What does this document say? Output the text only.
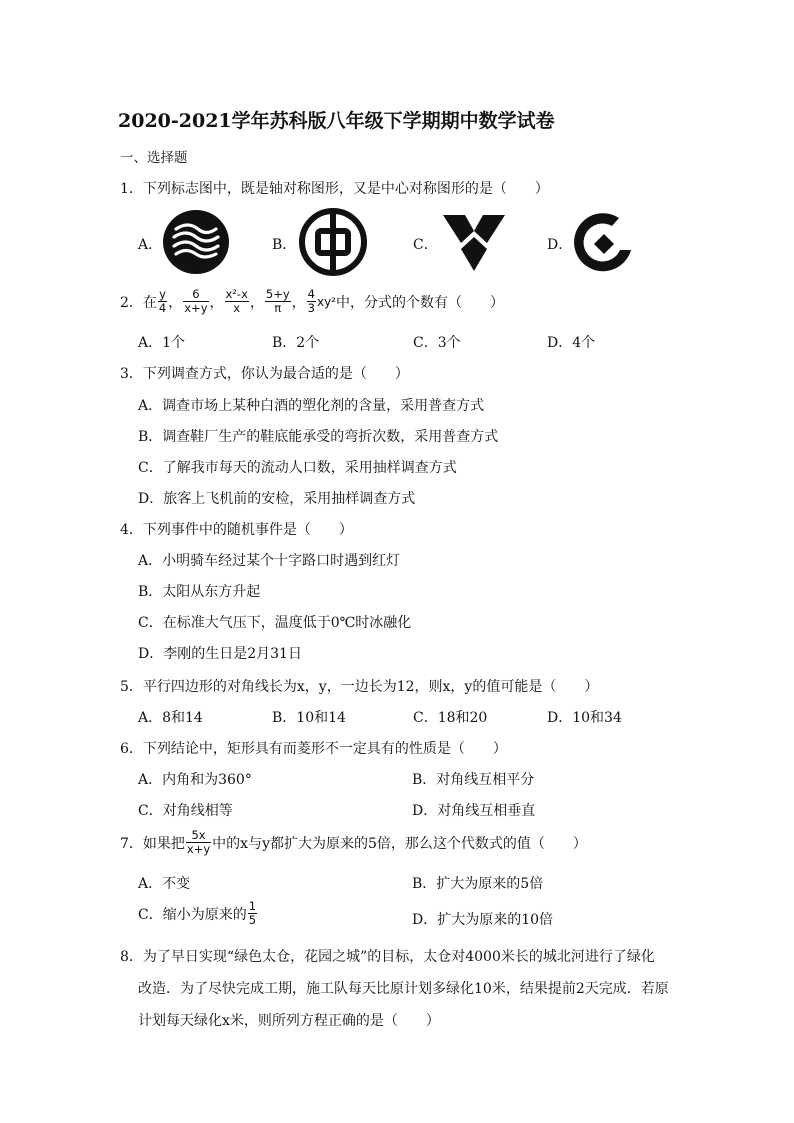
2020-2021学年苏科版八年级下学期期中数学试卷
一、选择题
1．下列标志图中，既是轴对称图形，又是中心对称图形的是（　　）
A．	B．	C．	D．
2．在 $\frac{y}{4}$ ， $\frac{6}{x+y}$ ， $\frac{\text{x²-x}}{x}$ ， $\frac{5+y}{\pi}$ ， $\frac{4}{3} xy^2$ 中，分式的个数有（　　）
A．1个	B．2个	C．3个	D．4个
3．下列调查方式，你认为最合适的是（　　）
A．调查市场上某种白酒的塑化剂的含量，采用普查方式
B．调查鞋厂生产的鞋底能承受的弯折次数，采用普查方式
C．了解我市每天的流动人口数，采用抽样调查方式
D．旅客上飞机前的安检，采用抽样调查方式
4．下列事件中的随机事件是（　　）
A．小明骑车经过某个十字路口时遇到红灯
B．太阳从东方升起
C．在标准大气压下，温度低于0℃时冰融化
D．李刚的生日是2月31日
5．平行四边形的对角线长为x，y，一边长为12，则x，y的值可能是（　　）
A．8和14	B．10和14	C．18和20	D．10和34
6．下列结论中，矩形具有而菱形不一定具有的性质是（　　）
A．内角和为360°	B．对角线互相平分
C．对角线相等	D．对角线互相垂直
7．如果把 $\frac{5x}{x+y}$ 中的x与y都扩大为原来的5倍，那么这个代数式的值（　　）
A．不变	B．扩大为原来的5倍
C．缩小为原来的 $\frac{1}{5}$	D．扩大为原来的10倍
8．为了早日实现“绿色太仓，花园之城”的目标，太仓对4000米长的城北河进行了绿化
改造．为了尽快完成工期，施工队每天比原计划多绿化10米，结果提前2天完成．若原
计划每天绿化x米，则所列方程正确的是（　　）
